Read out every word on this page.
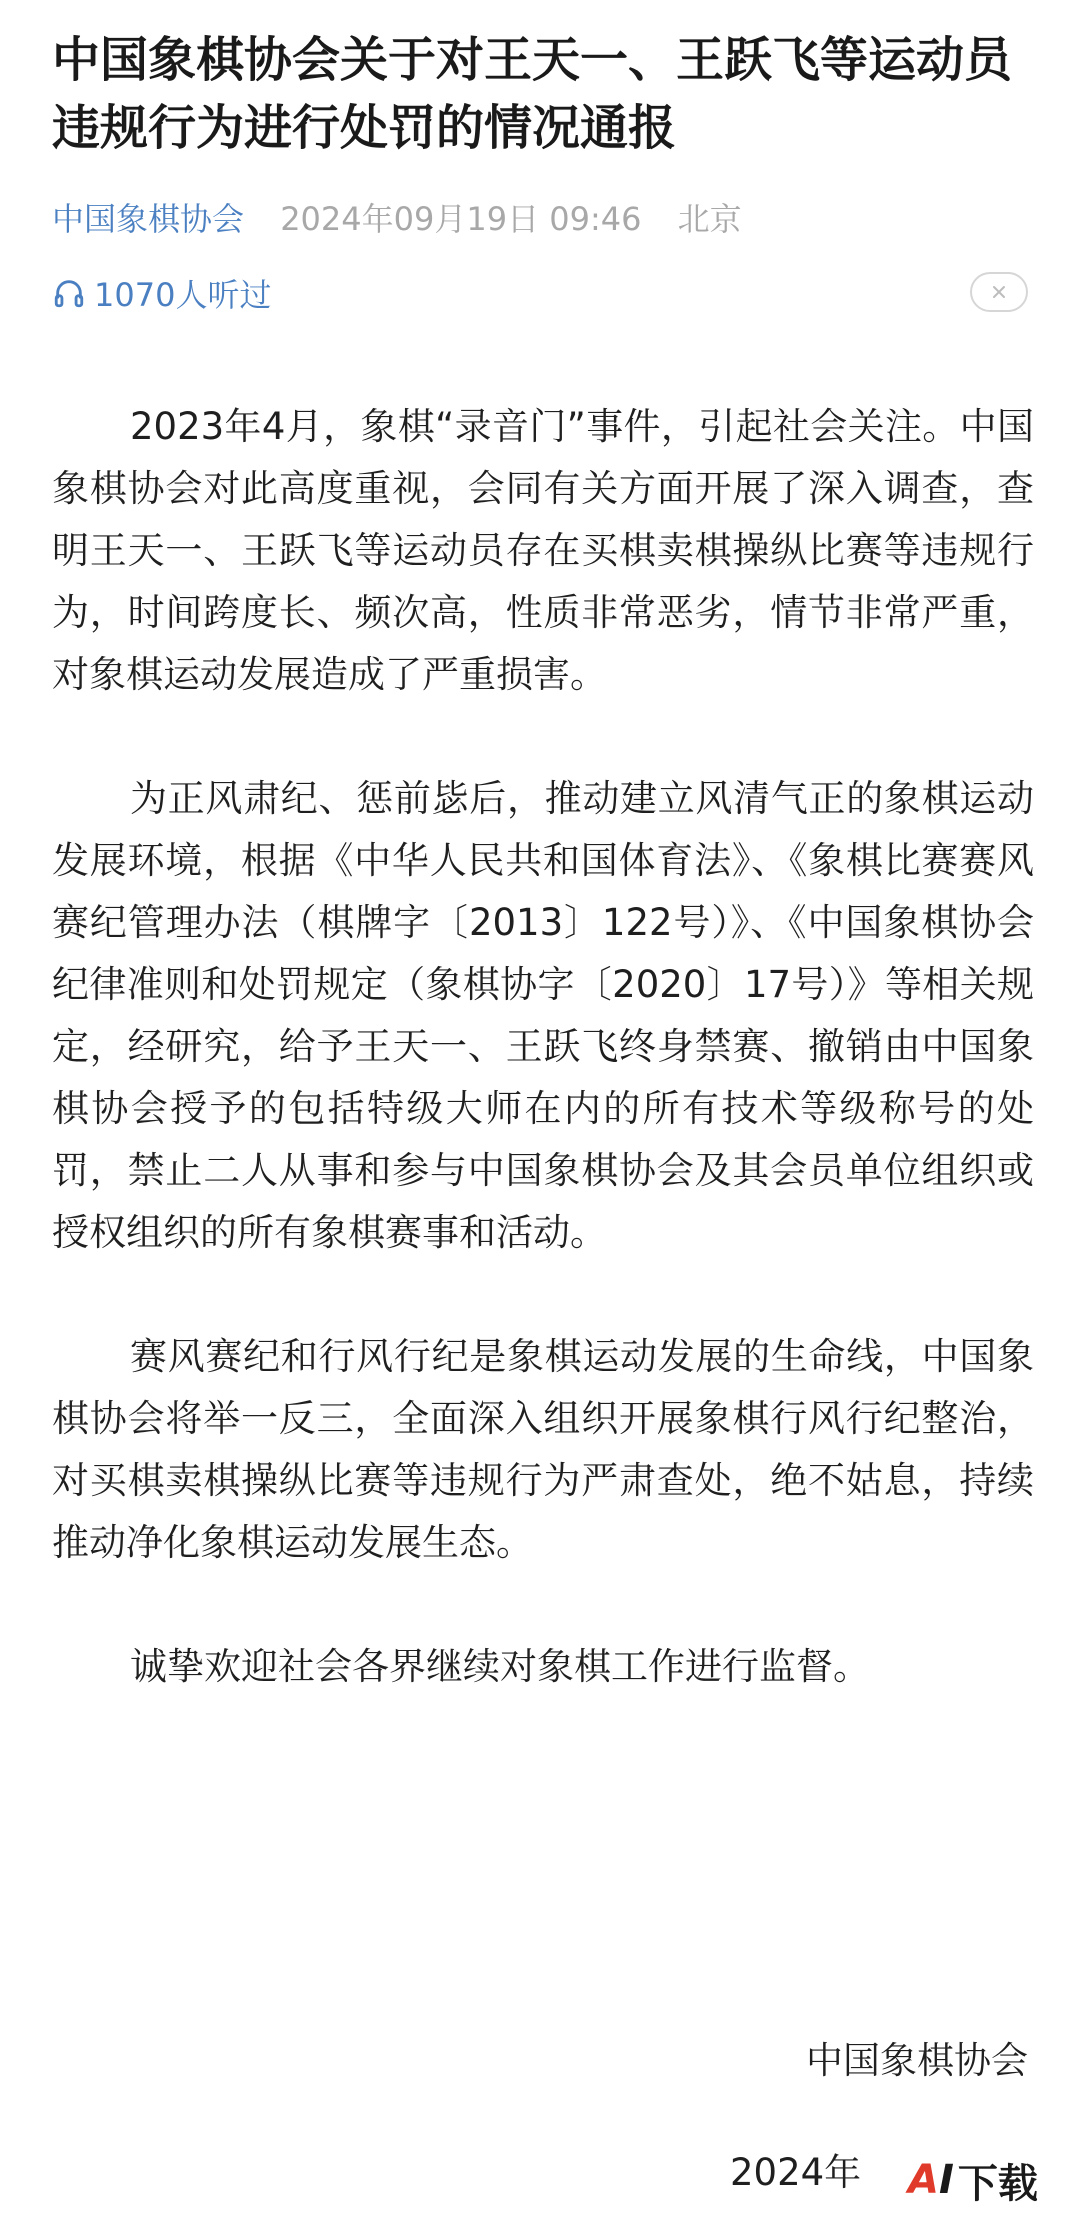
中国象棋协会关于对王天一、王跃飞等运动员违规行为进行处罚的情况通报
中国象棋协会 2024年09月19日 09:46 北京
1070人听过

2023年4月，象棋“录音门”事件，引起社会关注。中国象棋协会对此高度重视，会同有关方面开展了深入调查，查明王天一、王跃飞等运动员存在买棋卖棋操纵比赛等违规行为，时间跨度长、频次高，性质非常恶劣，情节非常严重，对象棋运动发展造成了严重损害。

为正风肃纪、惩前毖后，推动建立风清气正的象棋运动发展环境，根据《中华人民共和国体育法》、《象棋比赛赛风赛纪管理办法（棋牌字〔2013〕122号）》、《中国象棋协会纪律准则和处罚规定（象棋协字〔2020〕17号）》等相关规定，经研究，给予王天一、王跃飞终身禁赛、撤销由中国象棋协会授予的包括特级大师在内的所有技术等级称号的处罚，禁止二人从事和参与中国象棋协会及其会员单位组织或授权组织的所有象棋赛事和活动。

赛风赛纪和行风行纪是象棋运动发展的生命线，中国象棋协会将举一反三，全面深入组织开展象棋行风行纪整治，对买棋卖棋操纵比赛等违规行为严肃查处，绝不姑息，持续推动净化象棋运动发展生态。

诚挚欢迎社会各界继续对象棋工作进行监督。

中国象棋协会
2024年 A I 下载
